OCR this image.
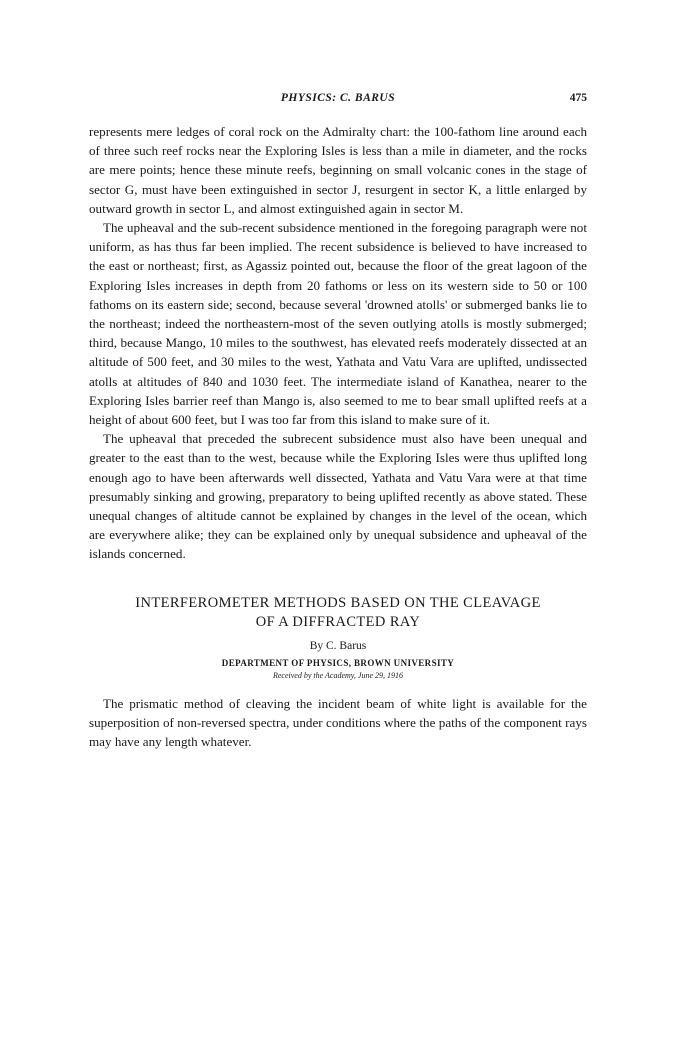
PHYSICS: C. BARUS	475

represents mere ledges of coral rock on the Admiralty chart: the 100-fathom line around each of three such reef rocks near the Exploring Isles is less than a mile in diameter, and the rocks are mere points; hence these minute reefs, beginning on small volcanic cones in the stage of sector G, must have been extinguished in sector J, resurgent in sector K, a little enlarged by outward growth in sector L, and almost extinguished again in sector M.

The upheaval and the sub-recent subsidence mentioned in the foregoing paragraph were not uniform, as has thus far been implied. The recent subsidence is believed to have increased to the east or northeast; first, as Agassiz pointed out, because the floor of the great lagoon of the Exploring Isles increases in depth from 20 fathoms or less on its western side to 50 or 100 fathoms on its eastern side; second, because several 'drowned atolls' or submerged banks lie to the northeast; indeed the northeastern-most of the seven outlying atolls is mostly submerged; third, because Mango, 10 miles to the southwest, has elevated reefs moderately dissected at an altitude of 500 feet, and 30 miles to the west, Yathata and Vatu Vara are uplifted, undissected atolls at altitudes of 840 and 1030 feet. The intermediate island of Kanathea, nearer to the Exploring Isles barrier reef than Mango is, also seemed to me to bear small uplifted reefs at a height of about 600 feet, but I was too far from this island to make sure of it.

The upheaval that preceded the subrecent subsidence must also have been unequal and greater to the east than to the west, because while the Exploring Isles were thus uplifted long enough ago to have been afterwards well dissected, Yathata and Vatu Vara were at that time presumably sinking and growing, preparatory to being uplifted recently as above stated. These unequal changes of altitude cannot be explained by changes in the level of the ocean, which are everywhere alike; they can be explained only by unequal subsidence and upheaval of the islands concerned.

INTERFEROMETER METHODS BASED ON THE CLEAVAGE
OF A DIFFRACTED RAY
By C. Barus
DEPARTMENT OF PHYSICS, BROWN UNIVERSITY
Received by the Academy, June 29, 1916

The prismatic method of cleaving the incident beam of white light is available for the superposition of non-reversed spectra, under conditions where the paths of the component rays may have any length whatever.
